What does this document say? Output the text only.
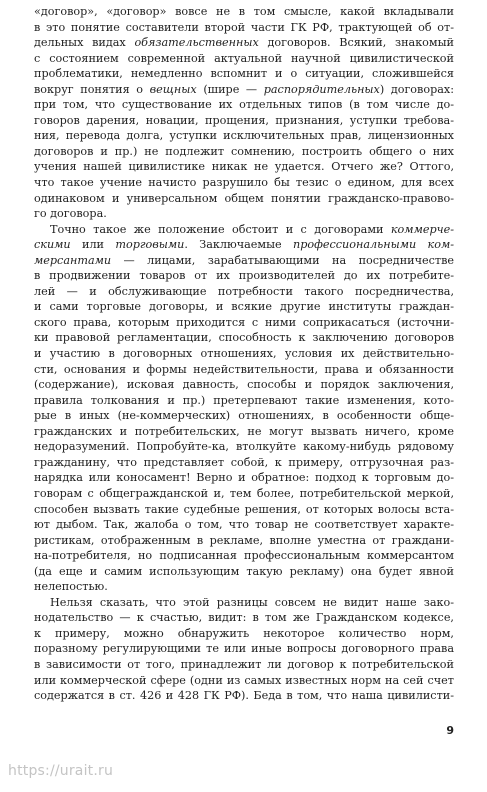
«договор», «договор» вовсе не в том смысле, какой вкладывали
в это понятие составители второй части ГК РФ, трактующей об от-
дельных видах обязательственных договоров. Всякий, знакомый
с состоянием современной актуальной научной цивилистической
проблематики, немедленно вспомнит и о ситуации, сложившейся
вокруг понятия о вещных (шире — распорядительных) договорах:
при том, что существование их отдельных типов (в том числе до-
говоров дарения, новации, прощения, признания, уступки требова-
ния, перевода долга, уступки исключительных прав, лицензионных
договоров и пр.) не подлежит сомнению, построить общего о них
учения нашей цивилистике никак не удается. Отчего же? Оттого,
что такое учение начисто разрушило бы тезис о едином, для всех
одинаковом и универсальном общем понятии гражданско-правово-
го договора.
Точно такое же положение обстоит и с договорами коммерче-
скими или торговыми. Заключаемые профессиональными ком-
мерсантами — лицами, зарабатывающими на посредничестве
в продвижении товаров от их производителей до их потребите-
лей — и обслуживающие потребности такого посредничества,
и сами торговые договоры, и всякие другие институты граждан-
ского права, которым приходится с ними соприкасаться (источни-
ки правовой регламентации, способность к заключению договоров
и участию в договорных отношениях, условия их действительно-
сти, основания и формы недействительности, права и обязанности
(содержание), исковая давность, способы и порядок заключения,
правила толкования и пр.) претерпевают такие изменения, кото-
рые в иных (не-коммерческих) отношениях, в особенности обще-
гражданских и потребительских, не могут вызвать ничего, кроме
недоразумений. Попробуйте-ка, втолкуйте какому-нибудь рядовому
гражданину, что представляет собой, к примеру, отгрузочная раз-
нарядка или коносамент! Верно и обратное: подход к торговым до-
говорам с общегражданской и, тем более, потребительской меркой,
способен вызвать такие судебные решения, от которых волосы вста-
ют дыбом. Так, жалоба о том, что товар не соответствует характе-
ристикам, отображенным в рекламе, вполне уместна от граждани-
на-потребителя, но подписанная профессиональным коммерсантом
(да еще и самим использующим такую рекламу) она будет явной
нелепостью.
Нельзя сказать, что этой разницы совсем не видит наше зако-
нодательство — к счастью, видит: в том же Гражданском кодексе,
к примеру, можно обнаружить некоторое количество норм,
поразному регулирующими те или иные вопросы договорного права
в зависимости от того, принадлежит ли договор к потребительской
или коммерческой сфере (одни из самых известных норм на сей счет
содержатся в ст. 426 и 428 ГК РФ). Беда в том, что наша цивилисти-
9
https://urait.ru
